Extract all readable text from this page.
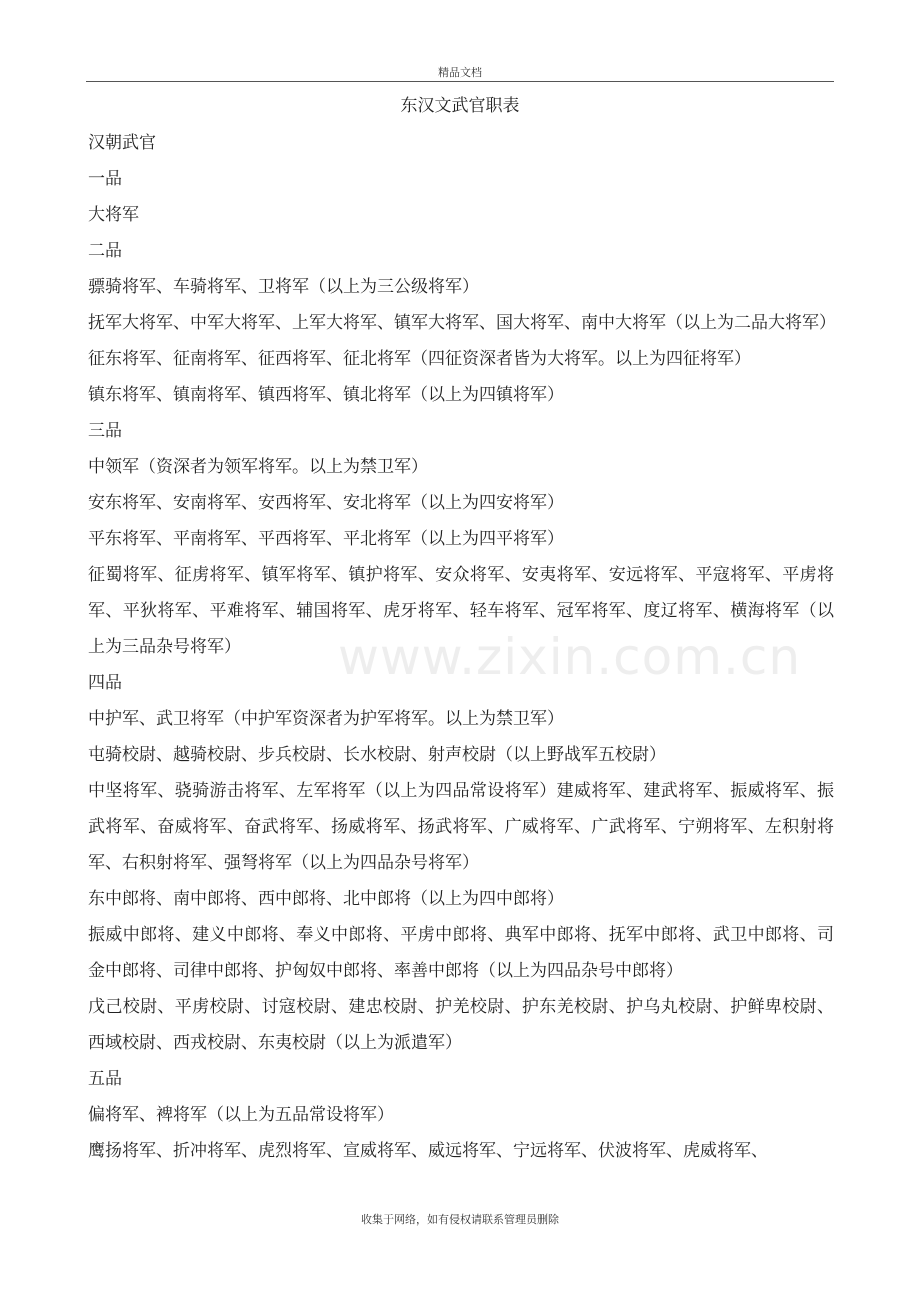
精品文档
www.zixin.com.cn
东汉文武官职表

汉朝武官

一品

大将军

二品

骠骑将军、车骑将军、卫将军（以上为三公级将军）

抚军大将军、中军大将军、上军大将军、镇军大将军、国大将军、南中大将军（以上为二品大将军）

征东将军、征南将军、征西将军、征北将军（四征资深者皆为大将军。以上为四征将军）

镇东将军、镇南将军、镇西将军、镇北将军（以上为四镇将军）

三品

中领军（资深者为领军将军。以上为禁卫军）

安东将军、安南将军、安西将军、安北将军（以上为四安将军）

平东将军、平南将军、平西将军、平北将军（以上为四平将军）

征蜀将军、征虏将军、镇军将军、镇护将军、安众将军、安夷将军、安远将军、平寇将军、平虏将军、平狄将军、平难将军、辅国将军、虎牙将军、轻车将军、冠军将军、度辽将军、横海将军（以上为三品杂号将军）

四品

中护军、武卫将军（中护军资深者为护军将军。以上为禁卫军）

屯骑校尉、越骑校尉、步兵校尉、长水校尉、射声校尉（以上野战军五校尉）

中坚将军、骁骑游击将军、左军将军（以上为四品常设将军）建威将军、建武将军、振威将军、振武将军、奋威将军、奋武将军、扬威将军、扬武将军、广威将军、广武将军、宁朔将军、左积射将军、右积射将军、强弩将军（以上为四品杂号将军）

东中郎将、南中郎将、西中郎将、北中郎将（以上为四中郎将）

振威中郎将、建义中郎将、奉义中郎将、平虏中郎将、典军中郎将、抚军中郎将、武卫中郎将、司金中郎将、司律中郎将、护匈奴中郎将、率善中郎将（以上为四品杂号中郎将）

戊己校尉、平虏校尉、讨寇校尉、建忠校尉、护羌校尉、护东羌校尉、护乌丸校尉、护鲜卑校尉、西域校尉、西戎校尉、东夷校尉（以上为派遣军）

五品

偏将军、裨将军（以上为五品常设将军）

鹰扬将军、折冲将军、虎烈将军、宣威将军、威远将军、宁远将军、伏波将军、虎威将军、

收集于网络，如有侵权请联系管理员删除
